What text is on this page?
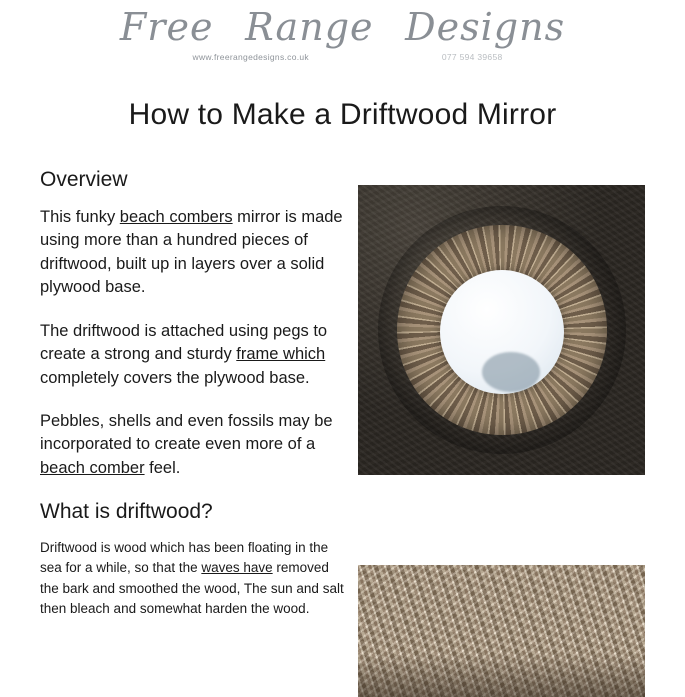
Free Range Designs
www.freerangedesigns.co.uk	077 594 39658
How to Make a Driftwood Mirror
Overview

This funky beach combers mirror is made using more than a hundred pieces of driftwood, built up in layers over a solid plywood base.

The driftwood is attached using pegs to create a strong and sturdy frame which completely covers the plywood base.

Pebbles, shells and even fossils may be incorporated to create even more of a beach comber feel.

What is driftwood?

Driftwood is wood which has been floating in the sea for a while, so that the waves have removed the bark and smoothed the wood, The sun and salt then bleach and somewhat harden the wood.
